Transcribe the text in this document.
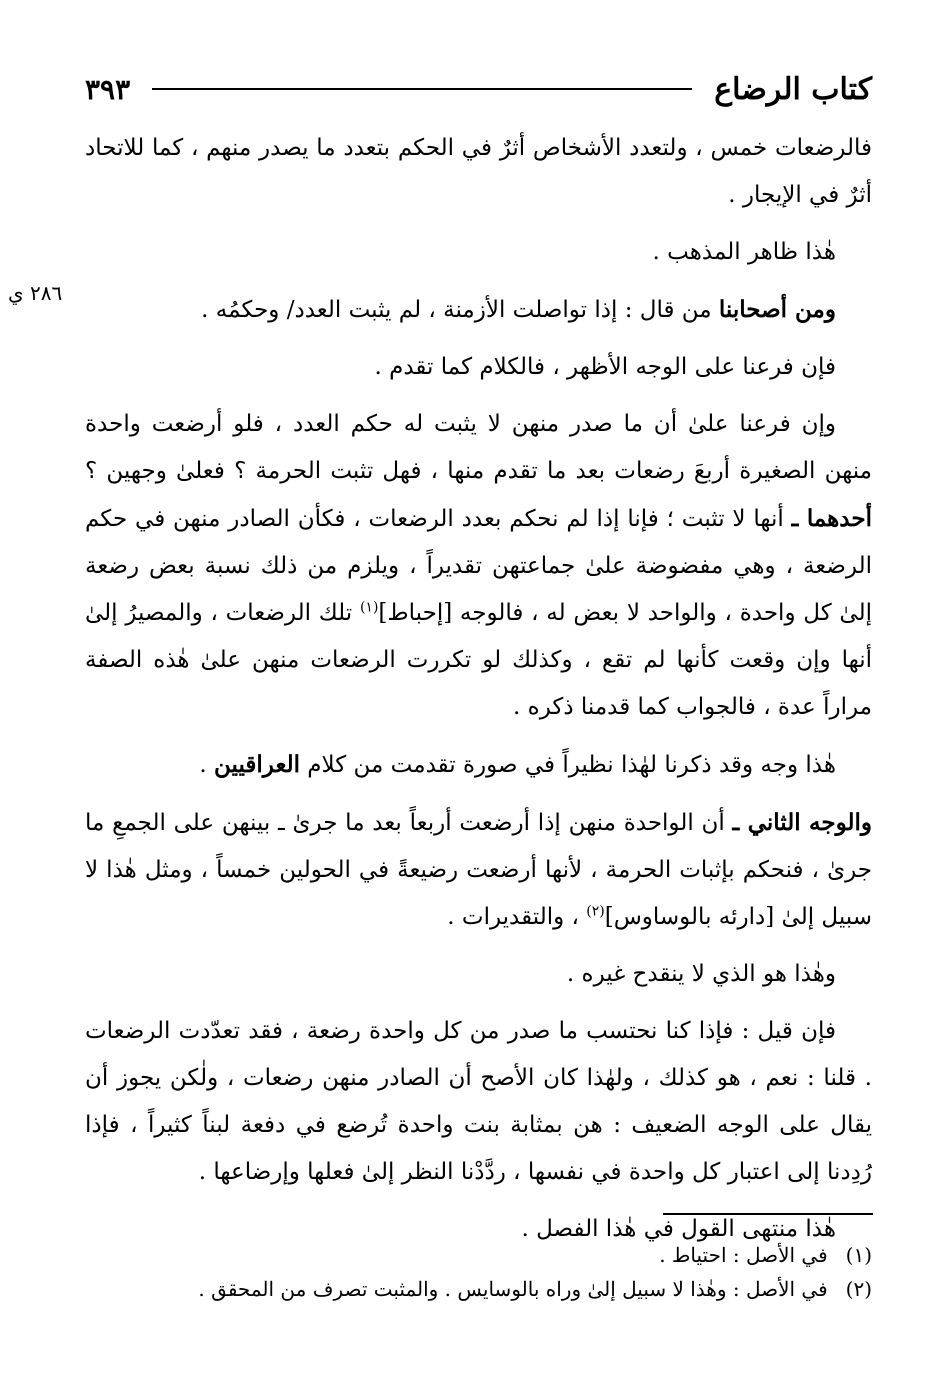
كتاب الرضاع
٣٩٣
٢٨٦ ي

فالرضعات خمس ، ولتعدد الأشخاص أثرٌ في الحكم بتعدد ما يصدر منهم ، كما للاتحاد أثرٌ في الإيجار .

هٰذا ظاهر المذهب .

ومن أصحابنا من قال : إذا تواصلت الأزمنة ، لم يثبت العدد/ وحكمُه .

فإن فرعنا على الوجه الأظهر ، فالكلام كما تقدم .

وإن فرعنا علىٰ أن ما صدر منهن لا يثبت له حكم العدد ، فلو أرضعت واحدة منهن الصغيرة أربعَ رضعات بعد ما تقدم منها ، فهل تثبت الحرمة ؟ فعلىٰ وجهين ؟ أحدهما ـ أنها لا تثبت ؛ فإنا إذا لم نحكم بعدد الرضعات ، فكأن الصادر منهن في حكم الرضعة ، وهي مفضوضة علىٰ جماعتهن تقديراً ، ويلزم من ذلك نسبة بعض رضعة إلىٰ كل واحدة ، والواحد لا بعض له ، فالوجه [إحباط]$^{(١)}$ تلك الرضعات ، والمصيرُ إلىٰ أنها وإن وقعت كأنها لم تقع ، وكذلك لو تكررت الرضعات منهن علىٰ هٰذه الصفة مراراً عدة ، فالجواب كما قدمنا ذكره .

هٰذا وجه وقد ذكرنا لهٰذا نظيراً في صورة تقدمت من كلام العراقيين .

والوجه الثاني ـ أن الواحدة منهن إذا أرضعت أربعاً بعد ما جرىٰ ـ بينهن على الجمعِ ما جرىٰ ، فنحكم بإثبات الحرمة ، لأنها أرضعت رضيعةً في الحولين خمساً ، ومثل هٰذا لا سبيل إلىٰ [دارئه بالوساوس]$^{(٢)}$ ، والتقديرات .

وهٰذا هو الذي لا ينقدح غيره .

فإن قيل : فإذا كنا نحتسب ما صدر من كل واحدة رضعة ، فقد تعدّدت الرضعات . قلنا : نعم ، هو كذلك ، ولهٰذا كان الأصح أن الصادر منهن رضعات ، ولٰكن يجوز أن يقال على الوجه الضعيف : هن بمثابة بنت واحدة تُرضع في دفعة لبناً كثيراً ، فإذا رُدِدنا إلى اعتبار كل واحدة في نفسها ، ردَّدْنا النظر إلىٰ فعلها وإرضاعها .

هٰذا منتهى القول في هٰذا الفصل .

(١) في الأصل : احتياط .

(٢) في الأصل : وهٰذا لا سبيل إلىٰ وراه بالوسايس . والمثبت تصرف من المحقق .
